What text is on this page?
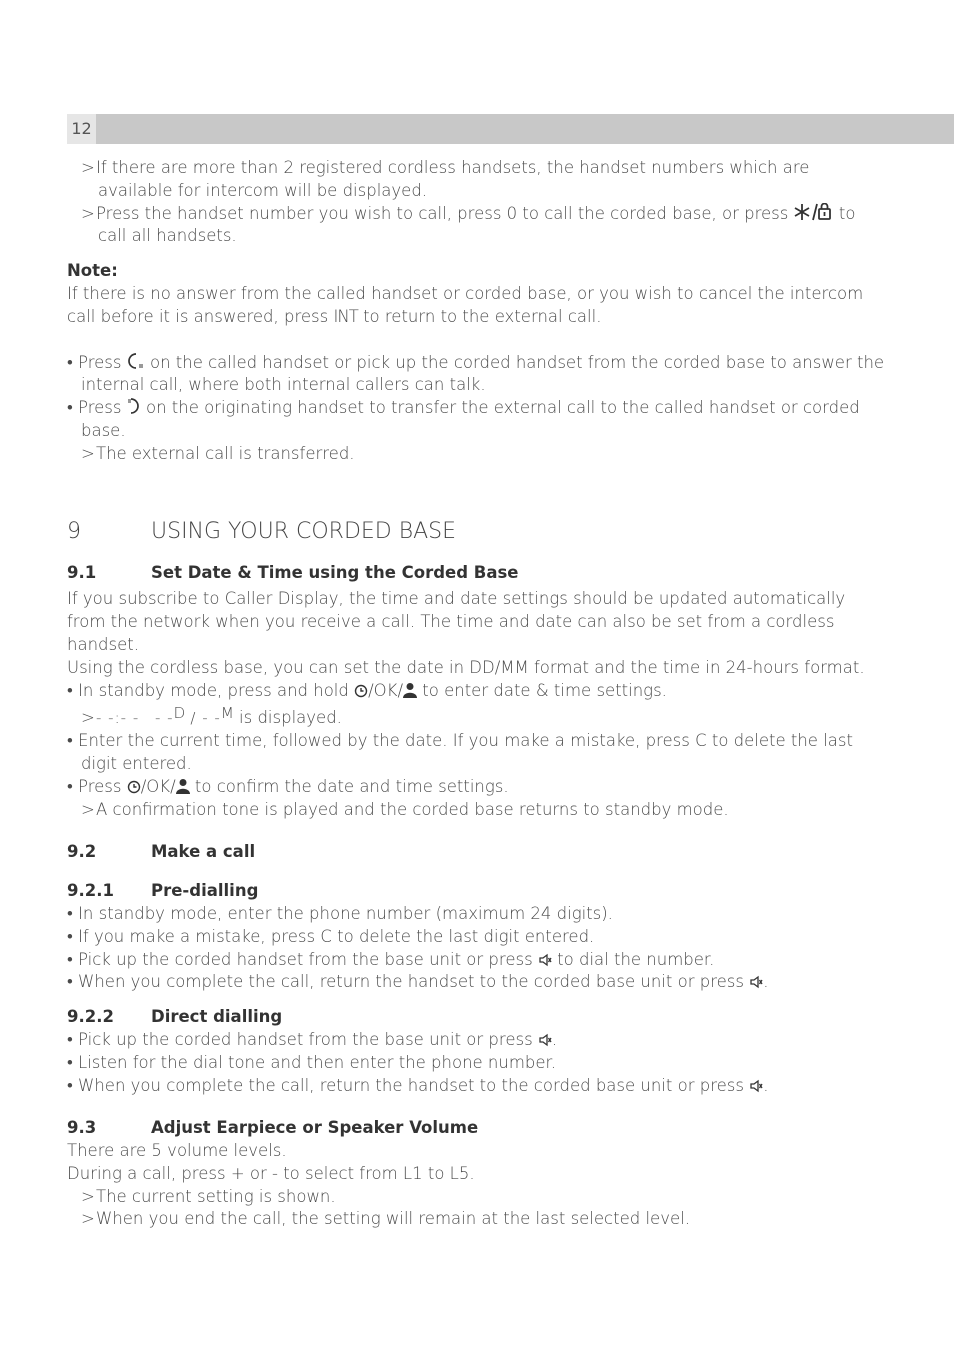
12

>If there are more than 2 registered cordless handsets, the handset numbers which are available for intercom will be displayed.

>Press the handset number you wish to call, press 0 to call the corded base, or press	to call all handsets.

Note:

If there is no answer from the called handset or corded base, or you wish to cancel the intercom call before it is answered, press INT to return to the external call.

• Press on the called handset or pick up the corded handset from the corded base to answer the internal call, where both internal callers can talk.

• Press on the originating handset to transfer the external call to the called handset or corded base.

>The external call is transferred.

9	USING YOUR CORDED BASE

9.1	Set Date & Time using the Corded Base

If you subscribe to Caller Display, the time and date settings should be updated automatically from the network when you receive a call. The time and date can also be set from a cordless handset.

Using the cordless base, you can set the date in DD/MM format and the time in 24-hours format.

• In standby mode, press and hold /OK/ to enter date & time settings.

>- -:- - - -D / - -M is displayed.

• Enter the current time, followed by the date. If you make a mistake, press C to delete the last digit entered.

• Press /OK/ to confirm the date and time settings.

>A confirmation tone is played and the corded base returns to standby mode.

9.2	Make a call

9.2.1 Pre-dialling

• In standby mode, enter the phone number (maximum 24 digits).

• If you make a mistake, press C to delete the last digit entered.

• Pick up the corded handset from the base unit or press to dial the number.

• When you complete the call, return the handset to the corded base unit or press .

9.2.2 Direct dialling

• Pick up the corded handset from the base unit or press .

• Listen for the dial tone and then enter the phone number.

• When you complete the call, return the handset to the corded base unit or press .

9.3	Adjust Earpiece or Speaker Volume

There are 5 volume levels.

During a call, press + or - to select from L1 to L5.

>The current setting is shown.

>When you end the call, the setting will remain at the last selected level.
